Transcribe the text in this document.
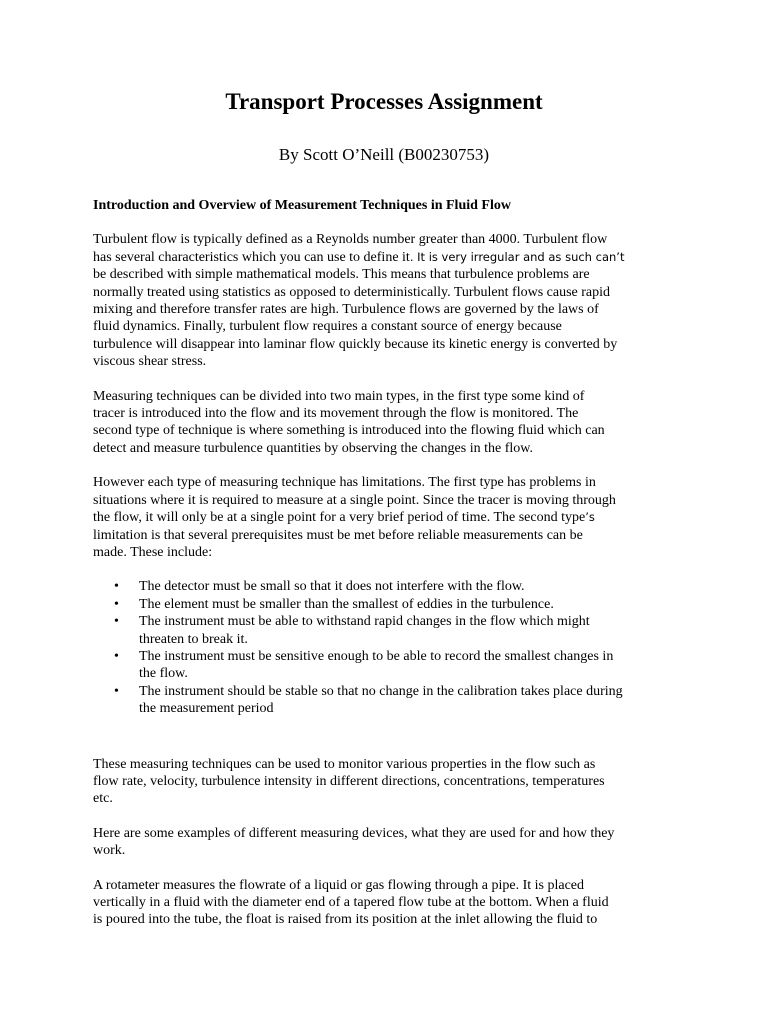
Transport Processes Assignment
By Scott O’Neill (B00230753)
Introduction and Overview of Measurement Techniques in Fluid Flow

Turbulent flow is typically defined as a Reynolds number greater than 4000. Turbulent flow
has several characteristics which you can use to define it. It is very irregular and as such can’t
be described with simple mathematical models. This means that turbulence problems are
normally treated using statistics as opposed to deterministically. Turbulent flows cause rapid
mixing and therefore transfer rates are high. Turbulence flows are governed by the laws of
fluid dynamics. Finally, turbulent flow requires a constant source of energy because
turbulence will disappear into laminar flow quickly because its kinetic energy is converted by
viscous shear stress.

Measuring techniques can be divided into two main types, in the first type some kind of
tracer is introduced into the flow and its movement through the flow is monitored. The
second type of technique is where something is introduced into the flowing fluid which can
detect and measure turbulence quantities by observing the changes in the flow.

However each type of measuring technique has limitations. The first type has problems in
situations where it is required to measure at a single point. Since the tracer is moving through
the flow, it will only be at a single point for a very brief period of time. The second type’s
limitation is that several prerequisites must be met before reliable measurements can be
made. These include:

• The detector must be small so that it does not interfere with the flow.
• The element must be smaller than the smallest of eddies in the turbulence.
• The instrument must be able to withstand rapid changes in the flow which might
threaten to break it.
• The instrument must be sensitive enough to be able to record the smallest changes in
the flow.
• The instrument should be stable so that no change in the calibration takes place during
the measurement period

These measuring techniques can be used to monitor various properties in the flow such as
flow rate, velocity, turbulence intensity in different directions, concentrations, temperatures
etc.

Here are some examples of different measuring devices, what they are used for and how they
work.

A rotameter measures the flowrate of a liquid or gas flowing through a pipe. It is placed
vertically in a fluid with the diameter end of a tapered flow tube at the bottom. When a fluid
is poured into the tube, the float is raised from its position at the inlet allowing the fluid to
